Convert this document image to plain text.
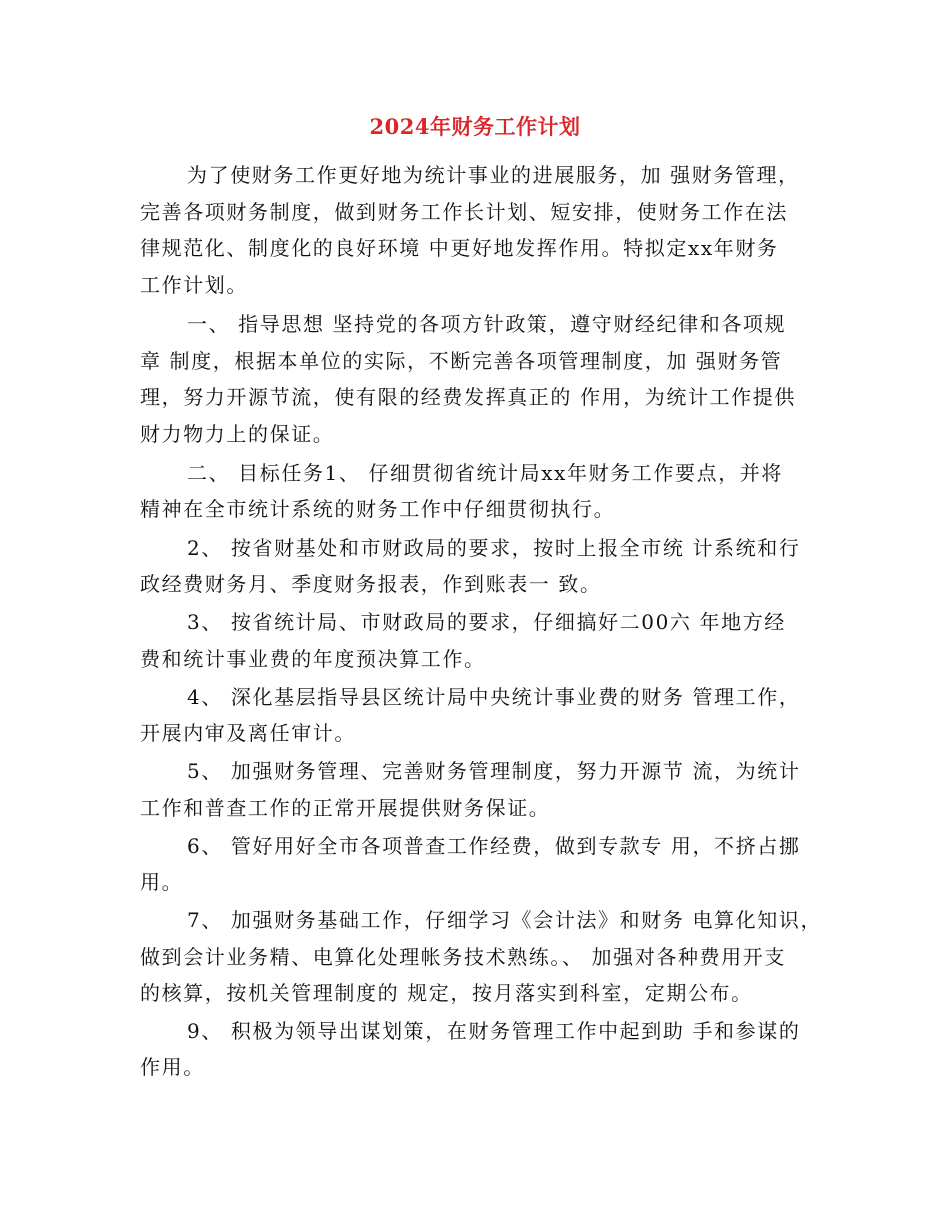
2024年财务工作计划
为了使财务工作更好地为统计事业的进展服务，加 强财务管理，
完善各项财务制度，做到财务工作长计划、短安排，使财务工作在法
律规范化、制度化的良好环境 中更好地发挥作用。特拟定xx年财务
工作计划。
一、 指导思想 坚持党的各项方针政策，遵守财经纪律和各项规
章 制度，根据本单位的实际，不断完善各项管理制度，加 强财务管
理，努力开源节流，使有限的经费发挥真正的 作用，为统计工作提供
财力物力上的保证。
二、 目标任务1、 仔细贯彻省统计局xx年财务工作要点，并将
精神在全市统计系统的财务工作中仔细贯彻执行。
2、 按省财基处和市财政局的要求，按时上报全市统 计系统和行
政经费财务月、季度财务报表，作到账表一 致。
3、 按省统计局、市财政局的要求，仔细搞好二00六 年地方经
费和统计事业费的年度预决算工作。
4、 深化基层指导县区统计局中央统计事业费的财务 管理工作，
开展内审及离任审计。
5、 加强财务管理、完善财务管理制度，努力开源节 流，为统计
工作和普查工作的正常开展提供财务保证。
6、 管好用好全市各项普查工作经费，做到专款专 用，不挤占挪
用。
7、 加强财务基础工作，仔细学习《会计法》和财务 电算化知识，
做到会计业务精、电算化处理帐务技术熟练。、 加强对各种费用开支
的核算，按机关管理制度的 规定，按月落实到科室，定期公布。
9、 积极为领导出谋划策，在财务管理工作中起到助 手和参谋的
作用。
